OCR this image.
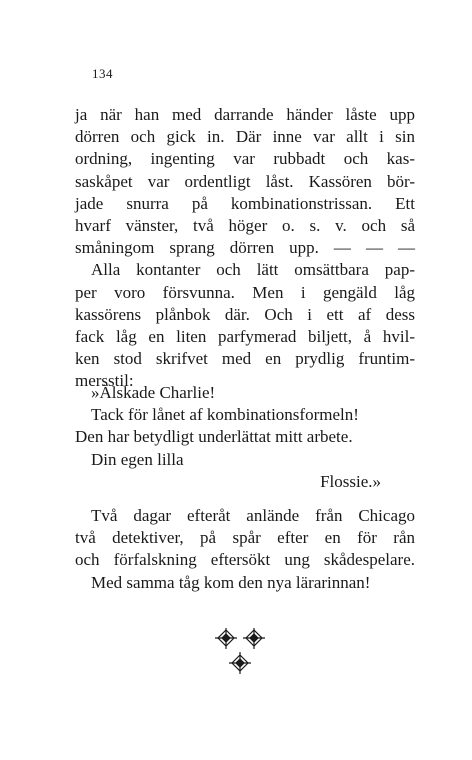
134
ja när han med darrande händer låste upp
dörren och gick in. Där inne var allt i sin
ordning, ingenting var rubbadt och kas-
saskåpet var ordentligt låst. Kassören bör-
jade snurra på kombinationstrissan. Ett
hvarf vänster, två höger o. s. v. och så
småningom sprang dörren upp. — — —
Alla kontanter och lätt omsättbara pap-
per voro försvunna. Men i gengäld låg
kassörens plånbok där. Och i ett af dess
fack låg en liten parfymerad biljett, å hvil-
ken stod skrifvet med en prydlig fruntim-
mersstil:
»Älskade Charlie!
Tack för lånet af kombinationsformeln!
Den har betydligt underlättat mitt arbete.
Din egen lilla
Flossie.»
Två dagar efteråt anlände från Chicago
två detektiver, på spår efter en för rån
och förfalskning eftersökt ung skådespelare.
Med samma tåg kom den nya lärarinnan!
